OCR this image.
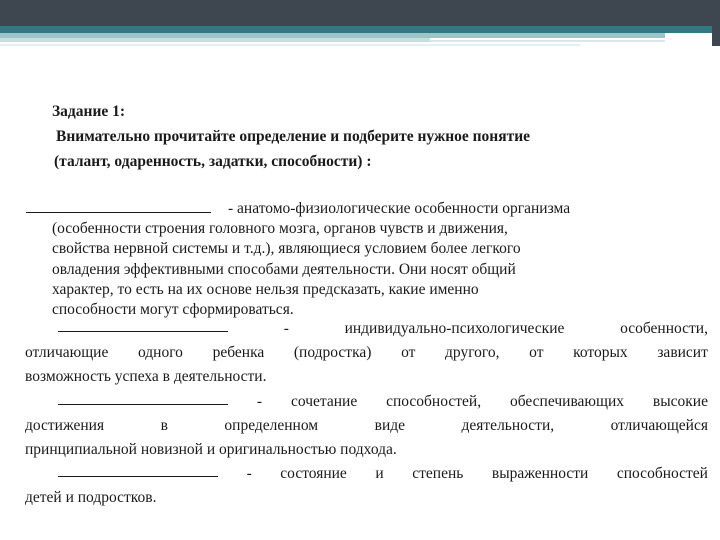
Задание 1:
Внимательно прочитайте определение и подберите нужное понятие
(талант, одаренность, задатки, способности) :
- анатомо-физиологические особенности организма
(особенности строения головного мозга, органов чувств и движения,
свойства нервной системы и т.д.), являющиеся условием более легкого
овладения эффективными способами деятельности. Они носят общий
характер, то есть на их основе нельзя предсказать, какие именно
способности могут сформироваться.
-	индивидуально-психологические	особенности,
отличающие одного ребенка (подростка) от другого, от которых зависит
возможность успеха в деятельности.
- сочетание способностей, обеспечивающих высокие
достижения	в	определенном	виде	деятельности,	отличающейся
принципиальной новизной и оригинальностью подхода.
- состояние и степень выраженности способностей
детей и подростков.
